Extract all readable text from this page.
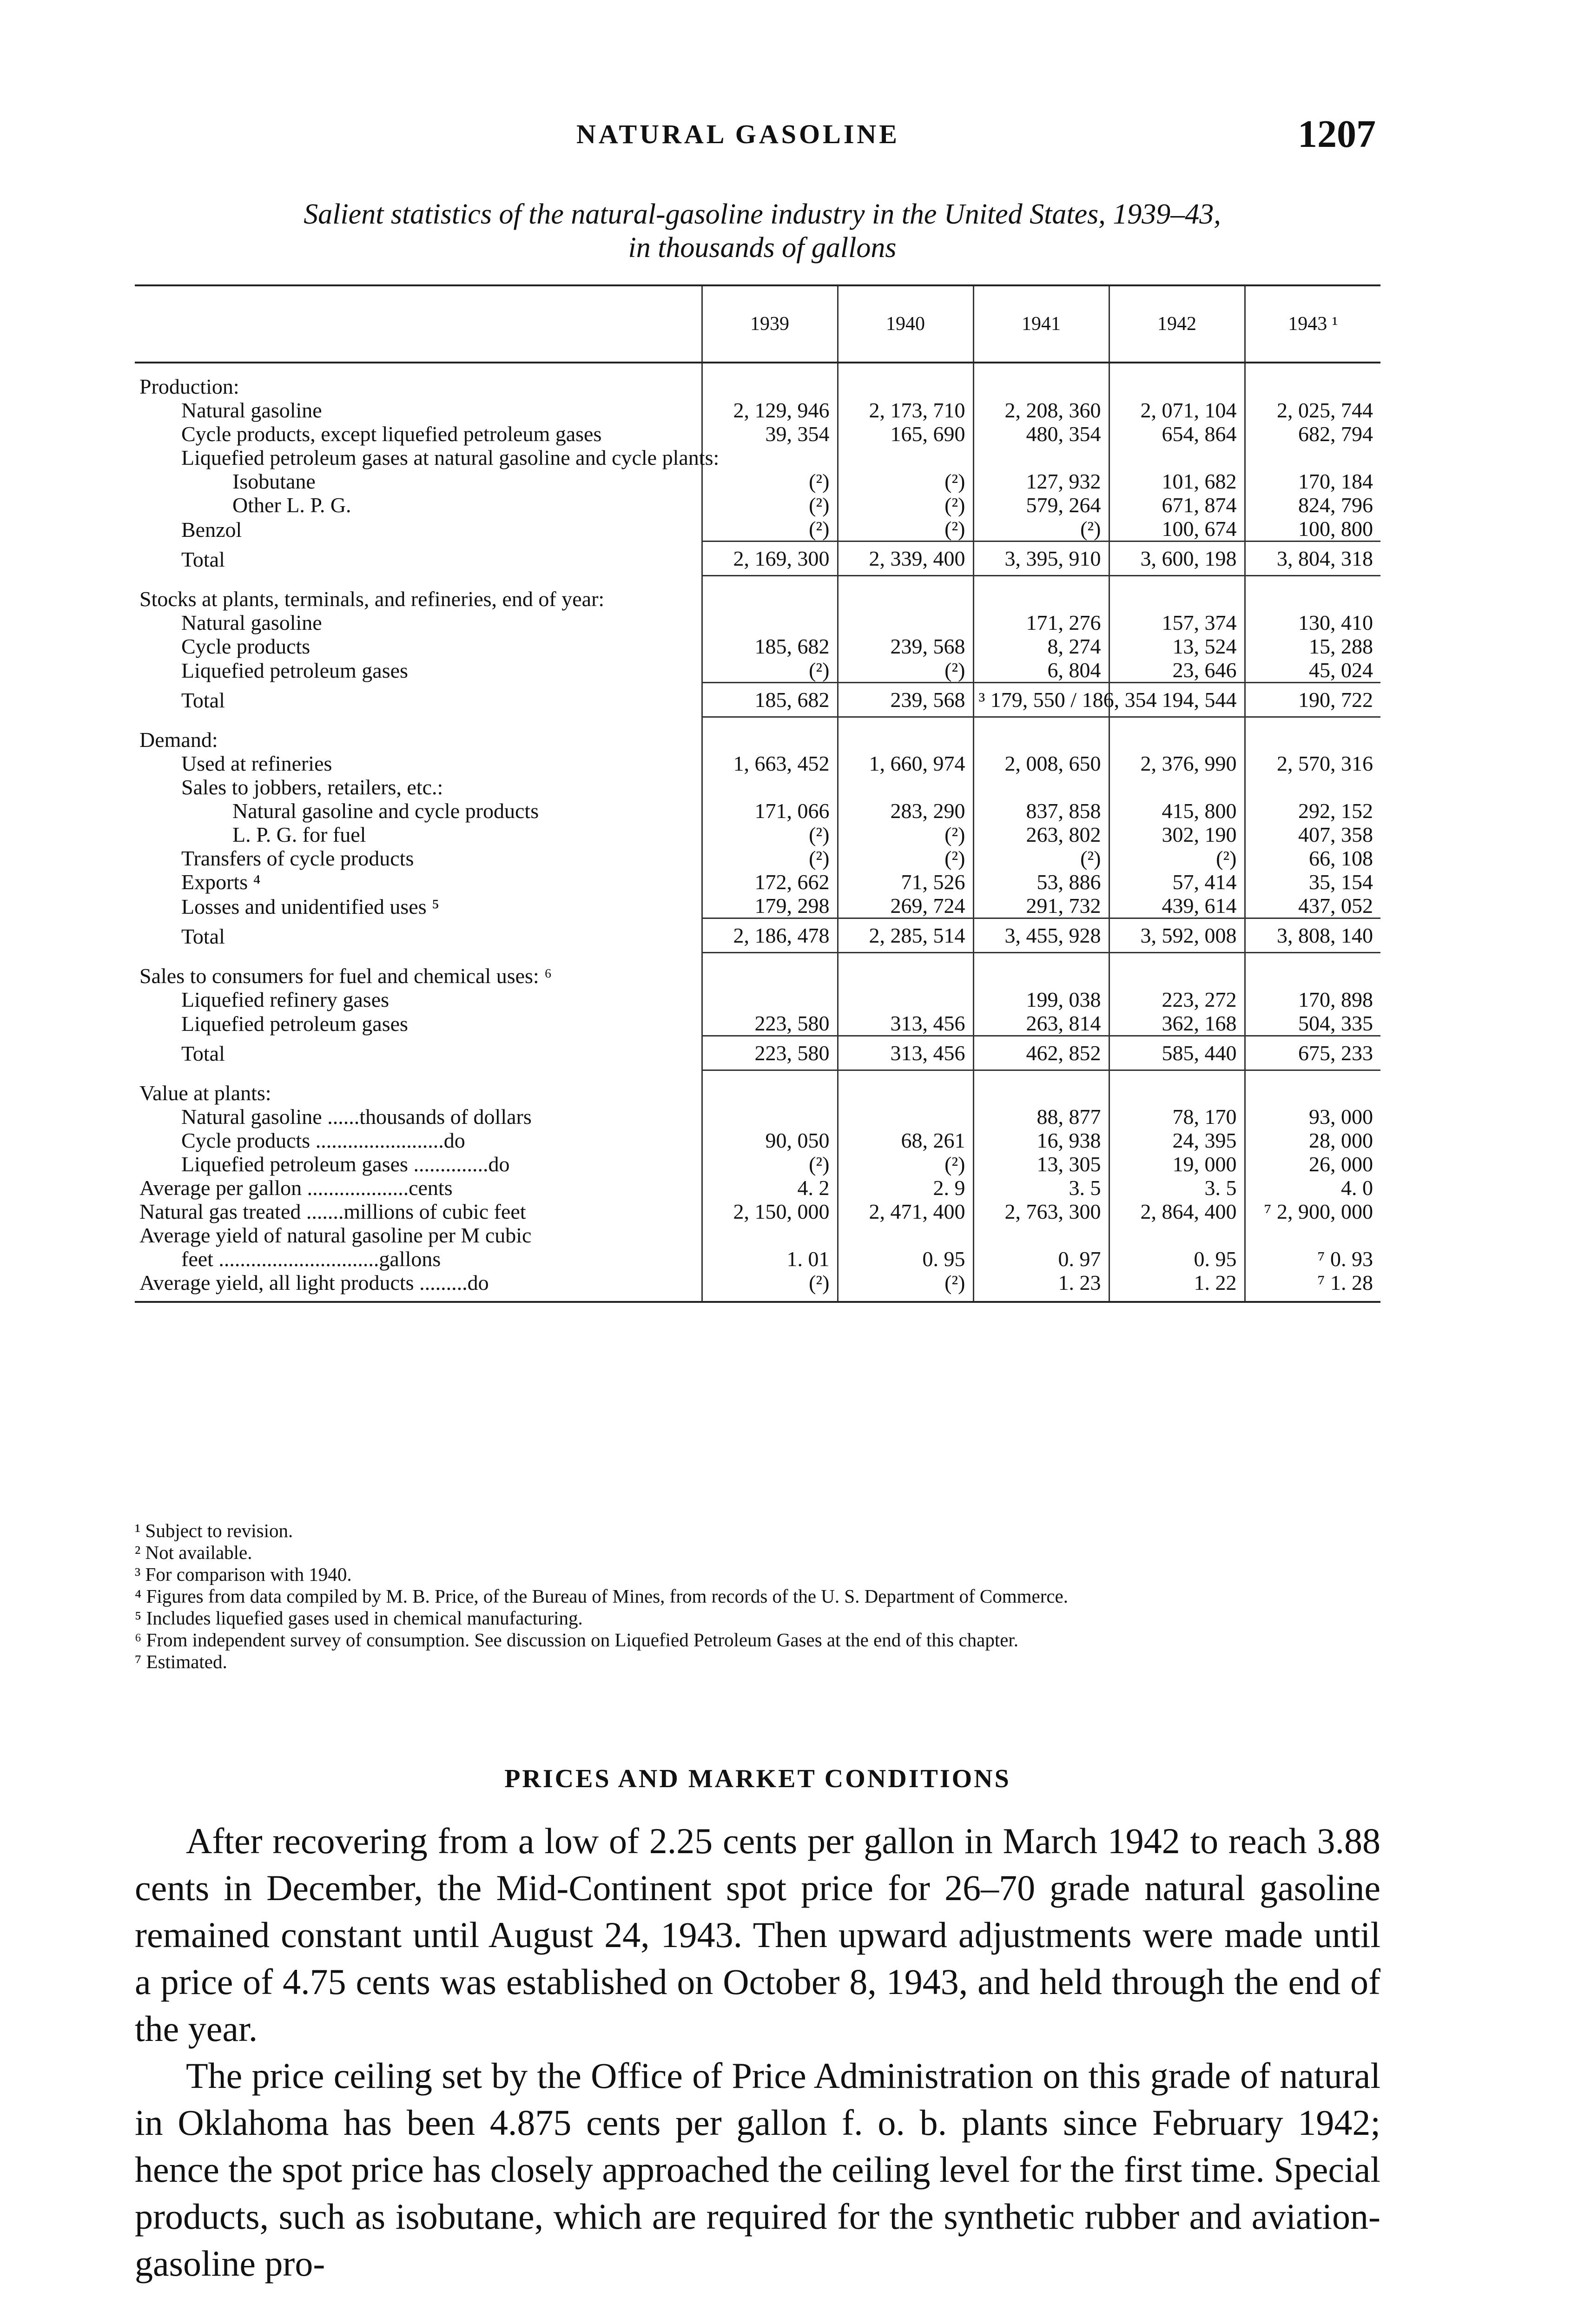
NATURAL GASOLINE	1207
Salient statistics of the natural-gasoline industry in the United States, 1939–43,
in thousands of gallons
	1939	1940	1941	1942	1943 ¹
Production:					
Natural gasoline	2, 129, 946	2, 173, 710	2, 208, 360	2, 071, 104	2, 025, 744
Cycle products, except liquefied petroleum gases	39, 354	165, 690	480, 354	654, 864	682, 794
Liquefied petroleum gases at natural gasoline and cycle plants:					
Isobutane	(²)	(²)	127, 932	101, 682	170, 184
Other L. P. G.	(²)	(²)	579, 264	671, 874	824, 796
Benzol	(²)	(²)	(²)	100, 674	100, 800
Total	2, 169, 300	2, 339, 400	3, 395, 910	3, 600, 198	3, 804, 318
Stocks at plants, terminals, and refineries, end of year:					
Natural gasoline			171, 276	157, 374	130, 410
Cycle products	185, 682	239, 568	8, 274	13, 524	15, 288
Liquefied petroleum gases	(²)	(²)	6, 804	23, 646	45, 024
Total	185, 682	239, 568	³ 179, 550 / 186, 354	194, 544	190, 722
Demand:					
Used at refineries	1, 663, 452	1, 660, 974	2, 008, 650	2, 376, 990	2, 570, 316
Sales to jobbers, retailers, etc.:					
Natural gasoline and cycle products	171, 066	283, 290	837, 858	415, 800	292, 152
L. P. G. for fuel	(²)	(²)	263, 802	302, 190	407, 358
Transfers of cycle products	(²)	(²)	(²)	(²)	66, 108
Exports ⁴	172, 662	71, 526	53, 886	57, 414	35, 154
Losses and unidentified uses ⁵	179, 298	269, 724	291, 732	439, 614	437, 052
Total	2, 186, 478	2, 285, 514	3, 455, 928	3, 592, 008	3, 808, 140
Sales to consumers for fuel and chemical uses: ⁶					
Liquefied refinery gases			199, 038	223, 272	170, 898
Liquefied petroleum gases	223, 580	313, 456	263, 814	362, 168	504, 335
Total	223, 580	313, 456	462, 852	585, 440	675, 233
Value at plants:					
Natural gasoline ......thousands of dollars			88, 877	78, 170	93, 000
Cycle products ........................do	90, 050	68, 261	16, 938	24, 395	28, 000
Liquefied petroleum gases ..............do	(²)	(²)	13, 305	19, 000	26, 000
Average per gallon ...................cents	4. 2	2. 9	3. 5	3. 5	4. 0
Natural gas treated .......millions of cubic feet	2, 150, 000	2, 471, 400	2, 763, 300	2, 864, 400	⁷ 2, 900, 000
Average yield of natural gasoline per M cubic					
feet ..............................gallons	1. 01	0. 95	0. 97	0. 95	⁷ 0. 93
Average yield, all light products .........do	(²)	(²)	1. 23	1. 22	⁷ 1. 28

¹ Subject to revision.

² Not available.

³ For comparison with 1940.

⁴ Figures from data compiled by M. B. Price, of the Bureau of Mines, from records of the U. S. Department of Commerce.

⁵ Includes liquefied gases used in chemical manufacturing.

⁶ From independent survey of consumption. See discussion on Liquefied Petroleum Gases at the end of this chapter.

⁷ Estimated.

PRICES AND MARKET CONDITIONS

After recovering from a low of 2.25 cents per gallon in March 1942 to reach 3.88 cents in December, the Mid-Continent spot price for 26–70 grade natural gasoline remained constant until August 24, 1943. Then upward adjustments were made until a price of 4.75 cents was established on October 8, 1943, and held through the end of the year.

The price ceiling set by the Office of Price Administration on this grade of natural in Oklahoma has been 4.875 cents per gallon f. o. b. plants since February 1942; hence the spot price has closely approached the ceiling level for the first time. Special products, such as isobutane, which are required for the synthetic rubber and aviation-gasoline pro-
